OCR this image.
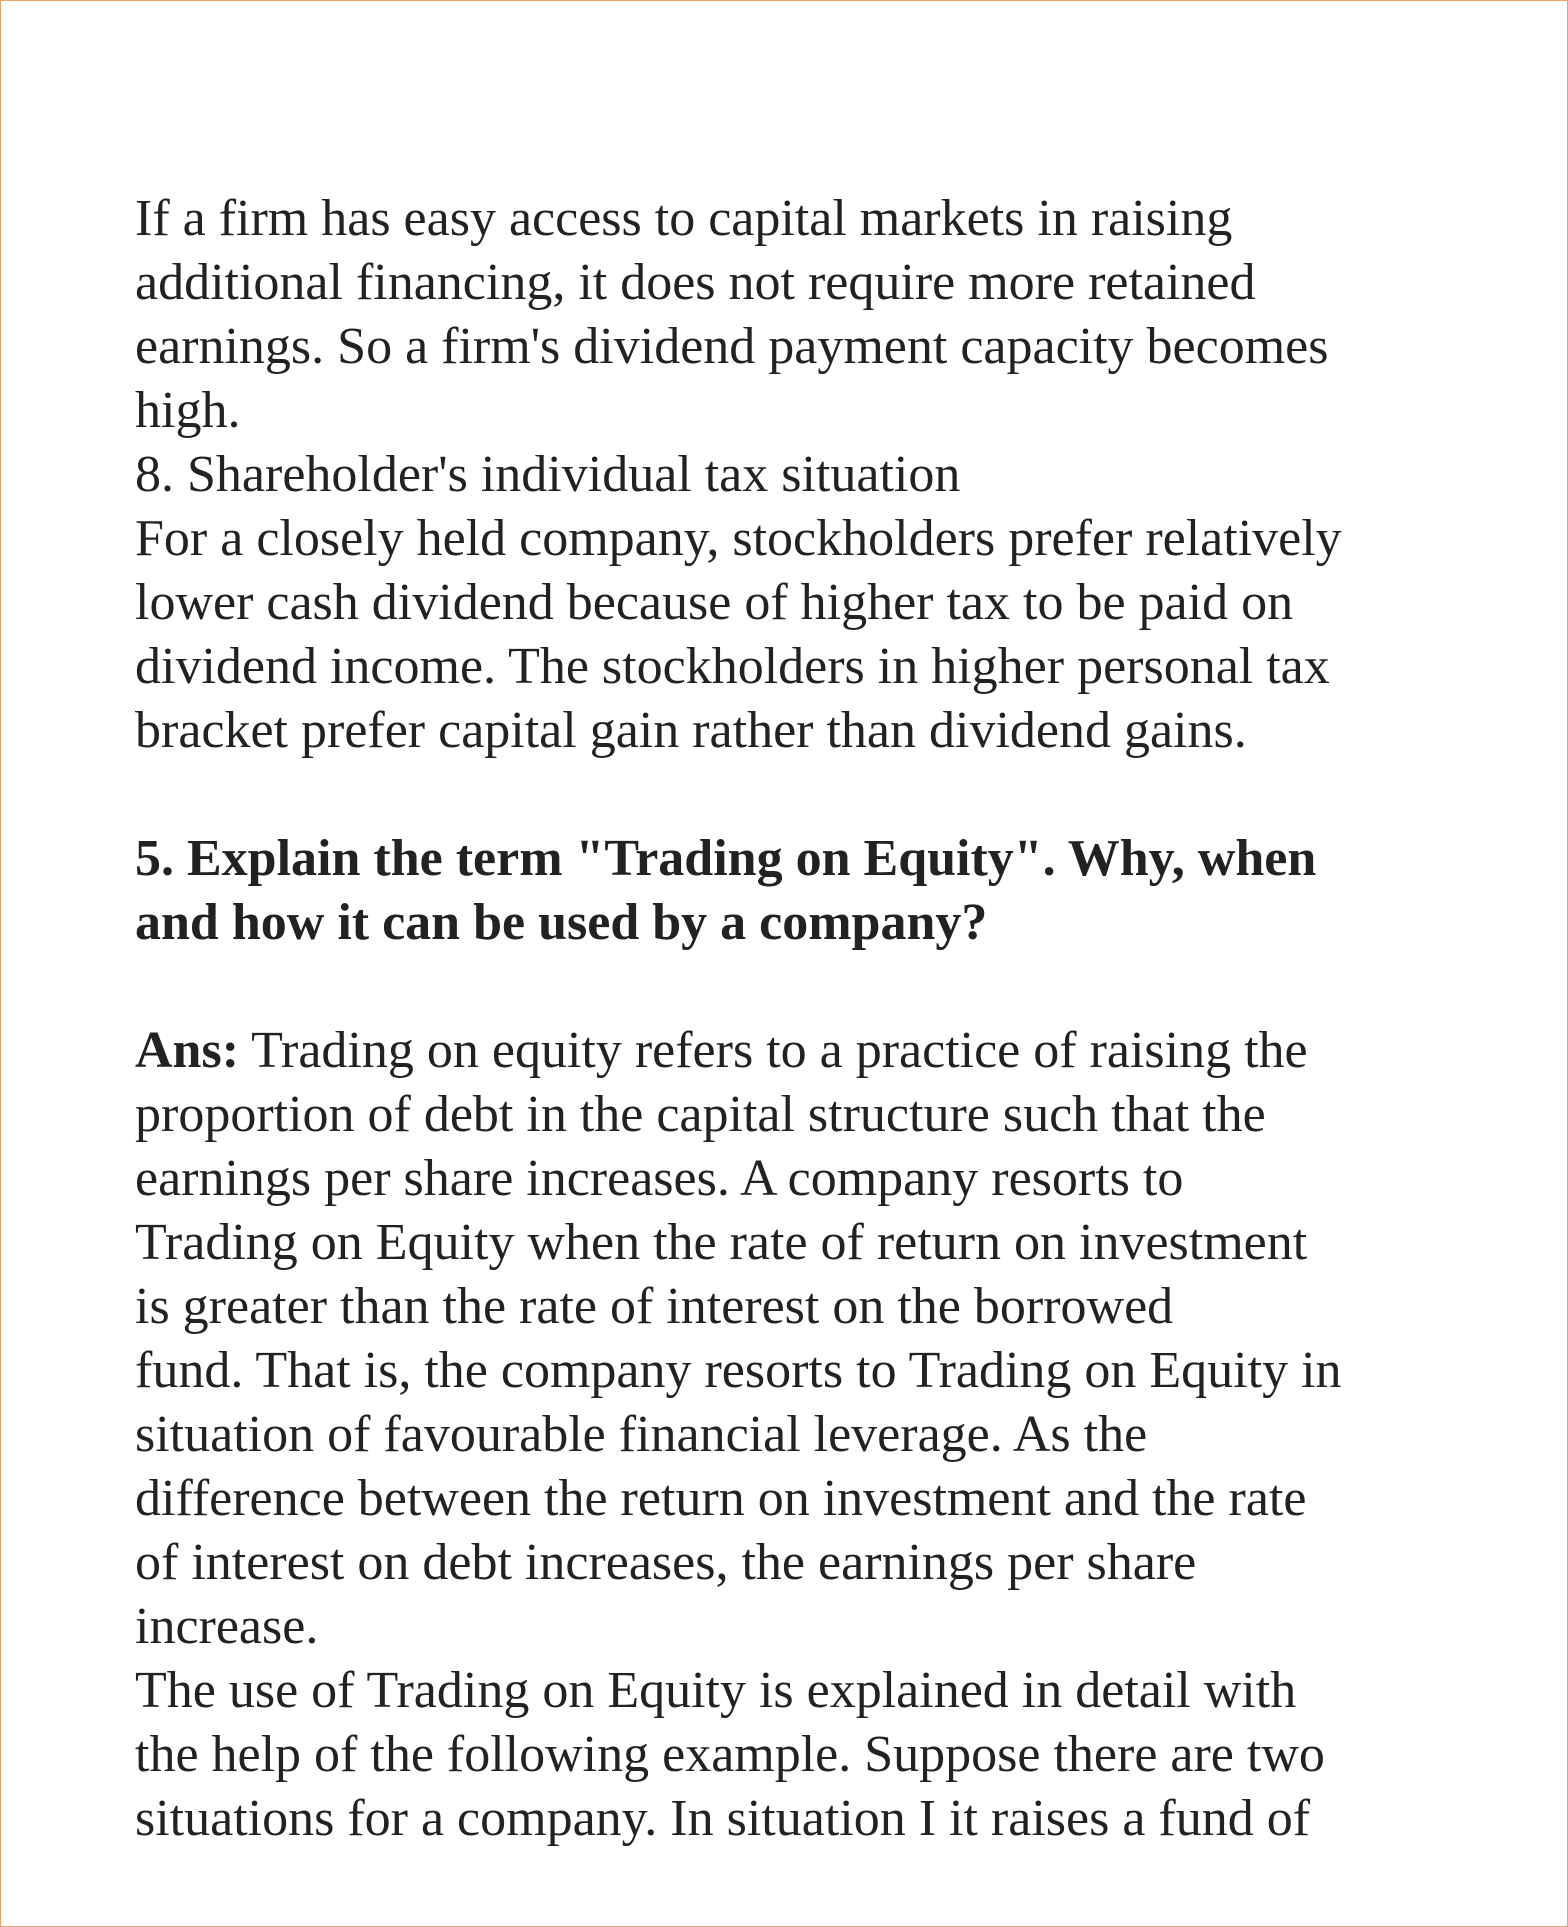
If a firm has easy access to capital markets in raising
additional financing, it does not require more retained
earnings. So a firm's dividend payment capacity becomes
high.
8. Shareholder's individual tax situation
For a closely held company, stockholders prefer relatively
lower cash dividend because of higher tax to be paid on
dividend income. The stockholders in higher personal tax
bracket prefer capital gain rather than dividend gains.
5. Explain the term "Trading on Equity". Why, when
and how it can be used by a company?
Ans: Trading on equity refers to a practice of raising the
proportion of debt in the capital structure such that the
earnings per share increases. A company resorts to
Trading on Equity when the rate of return on investment
is greater than the rate of interest on the borrowed
fund. That is, the company resorts to Trading on Equity in
situation of favourable financial leverage. As the
difference between the return on investment and the rate
of interest on debt increases, the earnings per share
increase.
The use of Trading on Equity is explained in detail with
the help of the following example. Suppose there are two
situations for a company. In situation I it raises a fund of
